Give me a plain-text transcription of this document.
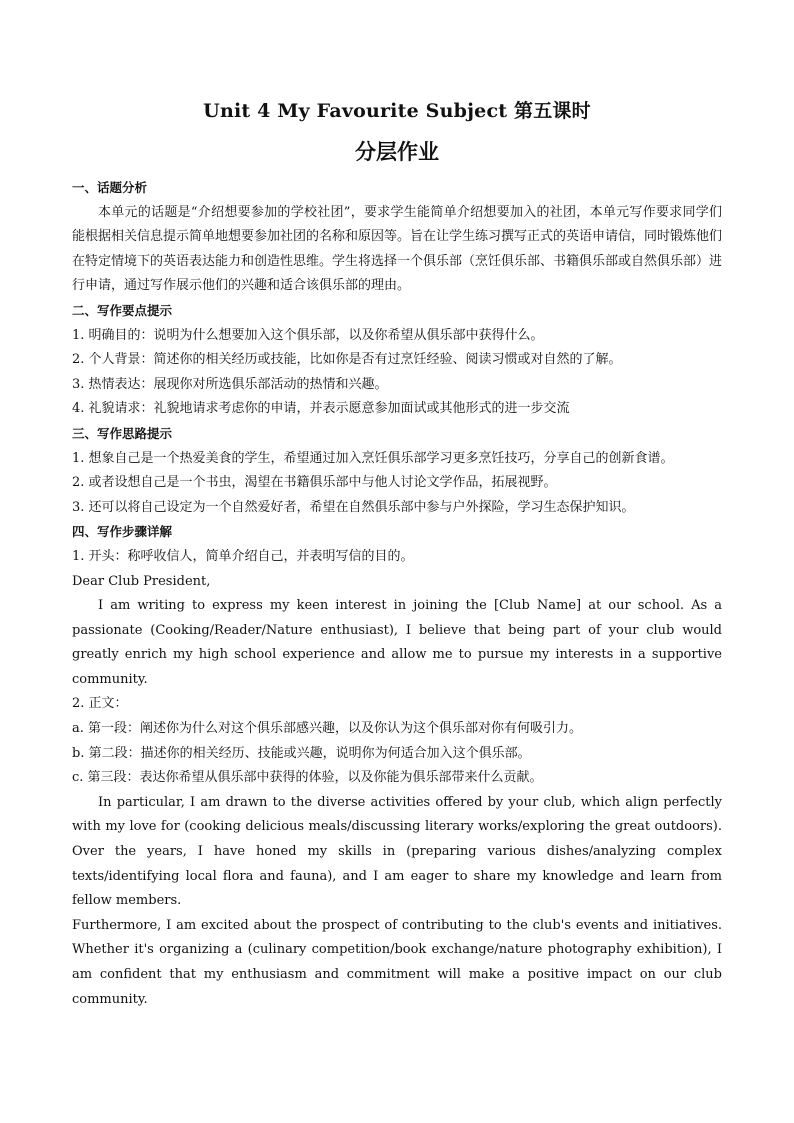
Unit 4 My Favourite Subject 第五课时
分层作业

一、话题分析

本单元的话题是“介绍想要参加的学校社团”，要求学生能简单介绍想要加入的社团，本单元写作要求同学们能根据相关信息提示简单地想要参加社团的名称和原因等。旨在让学生练习撰写正式的英语申请信，同时锻炼他们在特定情境下的英语表达能力和创造性思维。学生将选择一个俱乐部（烹饪俱乐部、书籍俱乐部或自然俱乐部）进行申请，通过写作展示他们的兴趣和适合该俱乐部的理由。

二、写作要点提示

1. 明确目的：说明为什么想要加入这个俱乐部，以及你希望从俱乐部中获得什么。

2. 个人背景：简述你的相关经历或技能，比如你是否有过烹饪经验、阅读习惯或对自然的了解。

3. 热情表达：展现你对所选俱乐部活动的热情和兴趣。

4. 礼貌请求：礼貌地请求考虑你的申请，并表示愿意参加面试或其他形式的进一步交流

三、写作思路提示

1. 想象自己是一个热爱美食的学生，希望通过加入烹饪俱乐部学习更多烹饪技巧，分享自己的创新食谱。

2. 或者设想自己是一个书虫，渴望在书籍俱乐部中与他人讨论文学作品，拓展视野。

3. 还可以将自己设定为一个自然爱好者，希望在自然俱乐部中参与户外探险，学习生态保护知识。

四、写作步骤详解

1. 开头：称呼收信人，简单介绍自己，并表明写信的目的。

Dear Club President,

I am writing to express my keen interest in joining the [Club Name] at our school. As a passionate (Cooking/Reader/Nature enthusiast), I believe that being part of your club would greatly enrich my high school experience and allow me to pursue my interests in a supportive community.

2. 正文：

a. 第一段：阐述你为什么对这个俱乐部感兴趣，以及你认为这个俱乐部对你有何吸引力。

b. 第二段：描述你的相关经历、技能或兴趣，说明你为何适合加入这个俱乐部。

c. 第三段：表达你希望从俱乐部中获得的体验，以及你能为俱乐部带来什么贡献。

In particular, I am drawn to the diverse activities offered by your club, which align perfectly with my love for (cooking delicious meals/discussing literary works/exploring the great outdoors). Over the years, I have honed my skills in (preparing various dishes/analyzing complex texts/identifying local flora and fauna), and I am eager to share my knowledge and learn from fellow members.

Furthermore, I am excited about the prospect of contributing to the club's events and initiatives. Whether it's organizing a (culinary competition/book exchange/nature photography exhibition), I am confident that my enthusiasm and commitment will make a positive impact on our club community.
